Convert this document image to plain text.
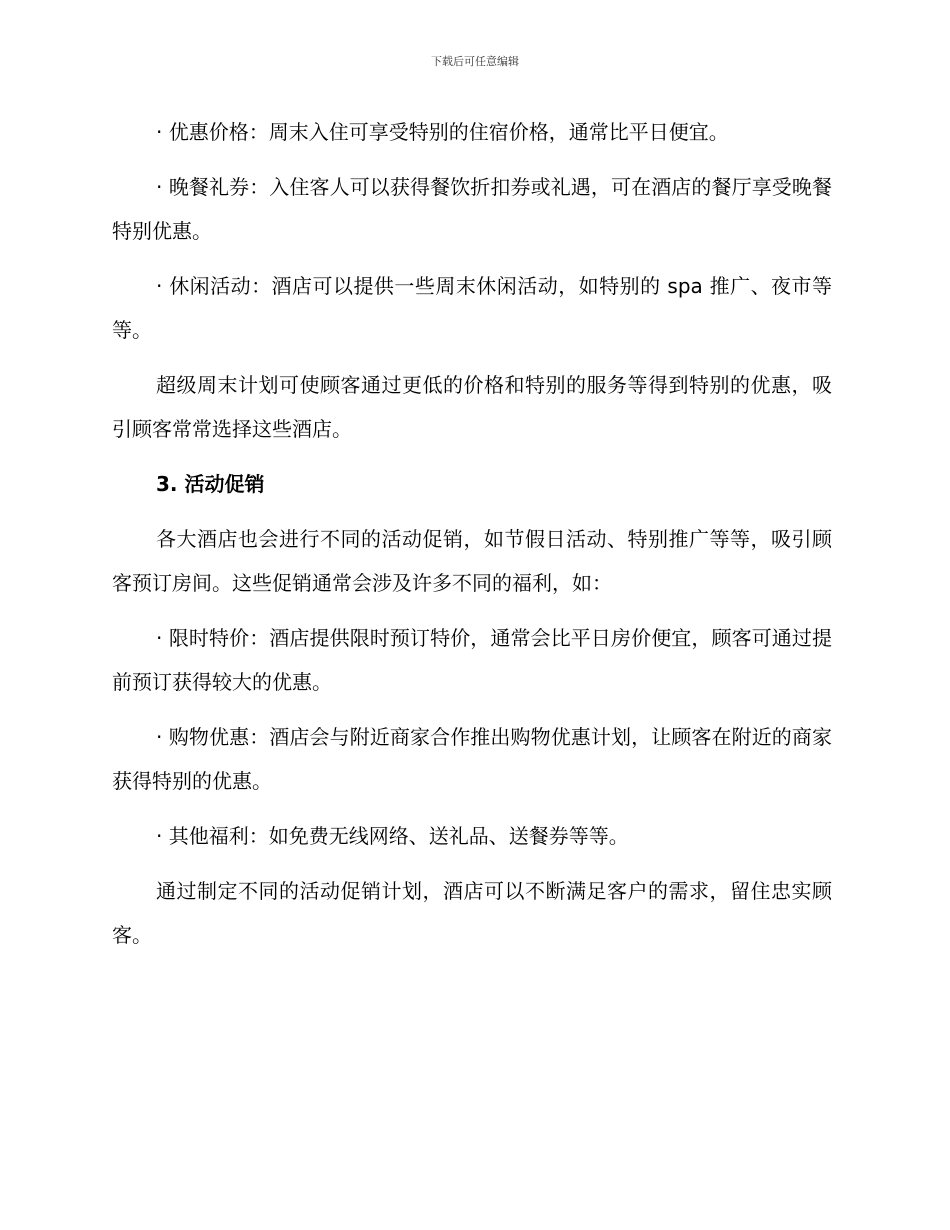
下载后可任意编辑

· 优惠价格：周末入住可享受特别的住宿价格，通常比平日便宜。

· 晚餐礼券：入住客人可以获得餐饮折扣券或礼遇，可在酒店的餐厅享受晚餐特别优惠。

· 休闲活动：酒店可以提供一些周末休闲活动，如特别的 spa 推广、夜市等等。

超级周末计划可使顾客通过更低的价格和特别的服务等得到特别的优惠，吸引顾客常常选择这些酒店。

3. 活动促销

各大酒店也会进行不同的活动促销，如节假日活动、特别推广等等，吸引顾客预订房间。这些促销通常会涉及许多不同的福利，如：

· 限时特价：酒店提供限时预订特价，通常会比平日房价便宜，顾客可通过提前预订获得较大的优惠。

· 购物优惠：酒店会与附近商家合作推出购物优惠计划，让顾客在附近的商家获得特别的优惠。

· 其他福利：如免费无线网络、送礼品、送餐券等等。

通过制定不同的活动促销计划，酒店可以不断满足客户的需求，留住忠实顾客。
